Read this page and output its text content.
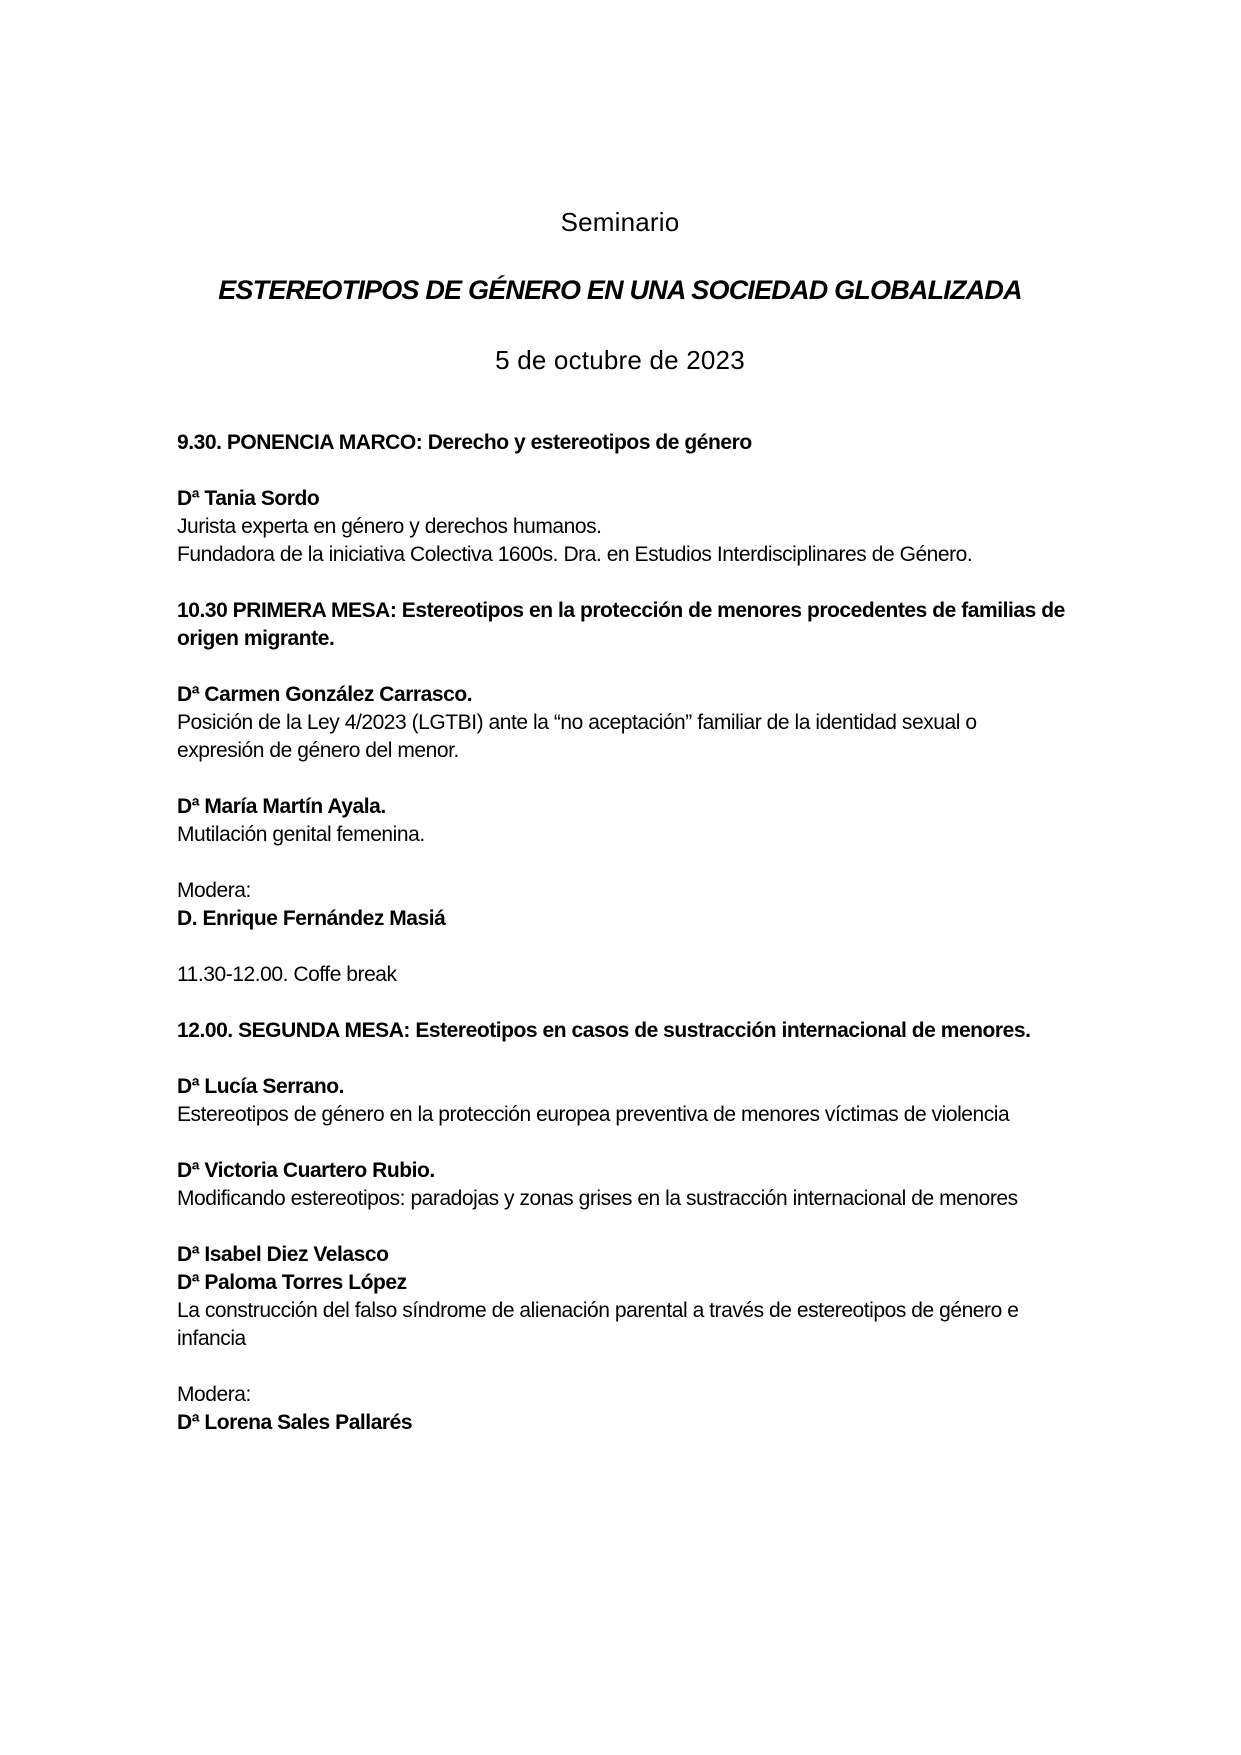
Seminario
ESTEREOTIPOS DE GÉNERO EN UNA SOCIEDAD GLOBALIZADA
5 de octubre de 2023
9.30. PONENCIA MARCO: Derecho y estereotipos de género
Dª Tania Sordo
Jurista experta en género y derechos humanos.
Fundadora de la iniciativa Colectiva 1600s. Dra. en Estudios Interdisciplinares de Género.
10.30 PRIMERA MESA: Estereotipos en la protección de menores procedentes de familias de
origen migrante.
Dª Carmen González Carrasco.
Posición de la Ley 4/2023 (LGTBI) ante la “no aceptación” familiar de la identidad sexual o
expresión de género del menor.
Dª María Martín Ayala.
Mutilación genital femenina.
Modera:
D. Enrique Fernández Masiá
11.30-12.00. Coffe break
12.00. SEGUNDA MESA: Estereotipos en casos de sustracción internacional de menores.
Dª Lucía Serrano.
Estereotipos de género en la protección europea preventiva de menores víctimas de violencia
Dª Victoria Cuartero Rubio.
Modificando estereotipos: paradojas y zonas grises en la sustracción internacional de menores
Dª Isabel Diez Velasco
Dª Paloma Torres López
La construcción del falso síndrome de alienación parental a través de estereotipos de género e
infancia
Modera:
Dª Lorena Sales Pallarés
